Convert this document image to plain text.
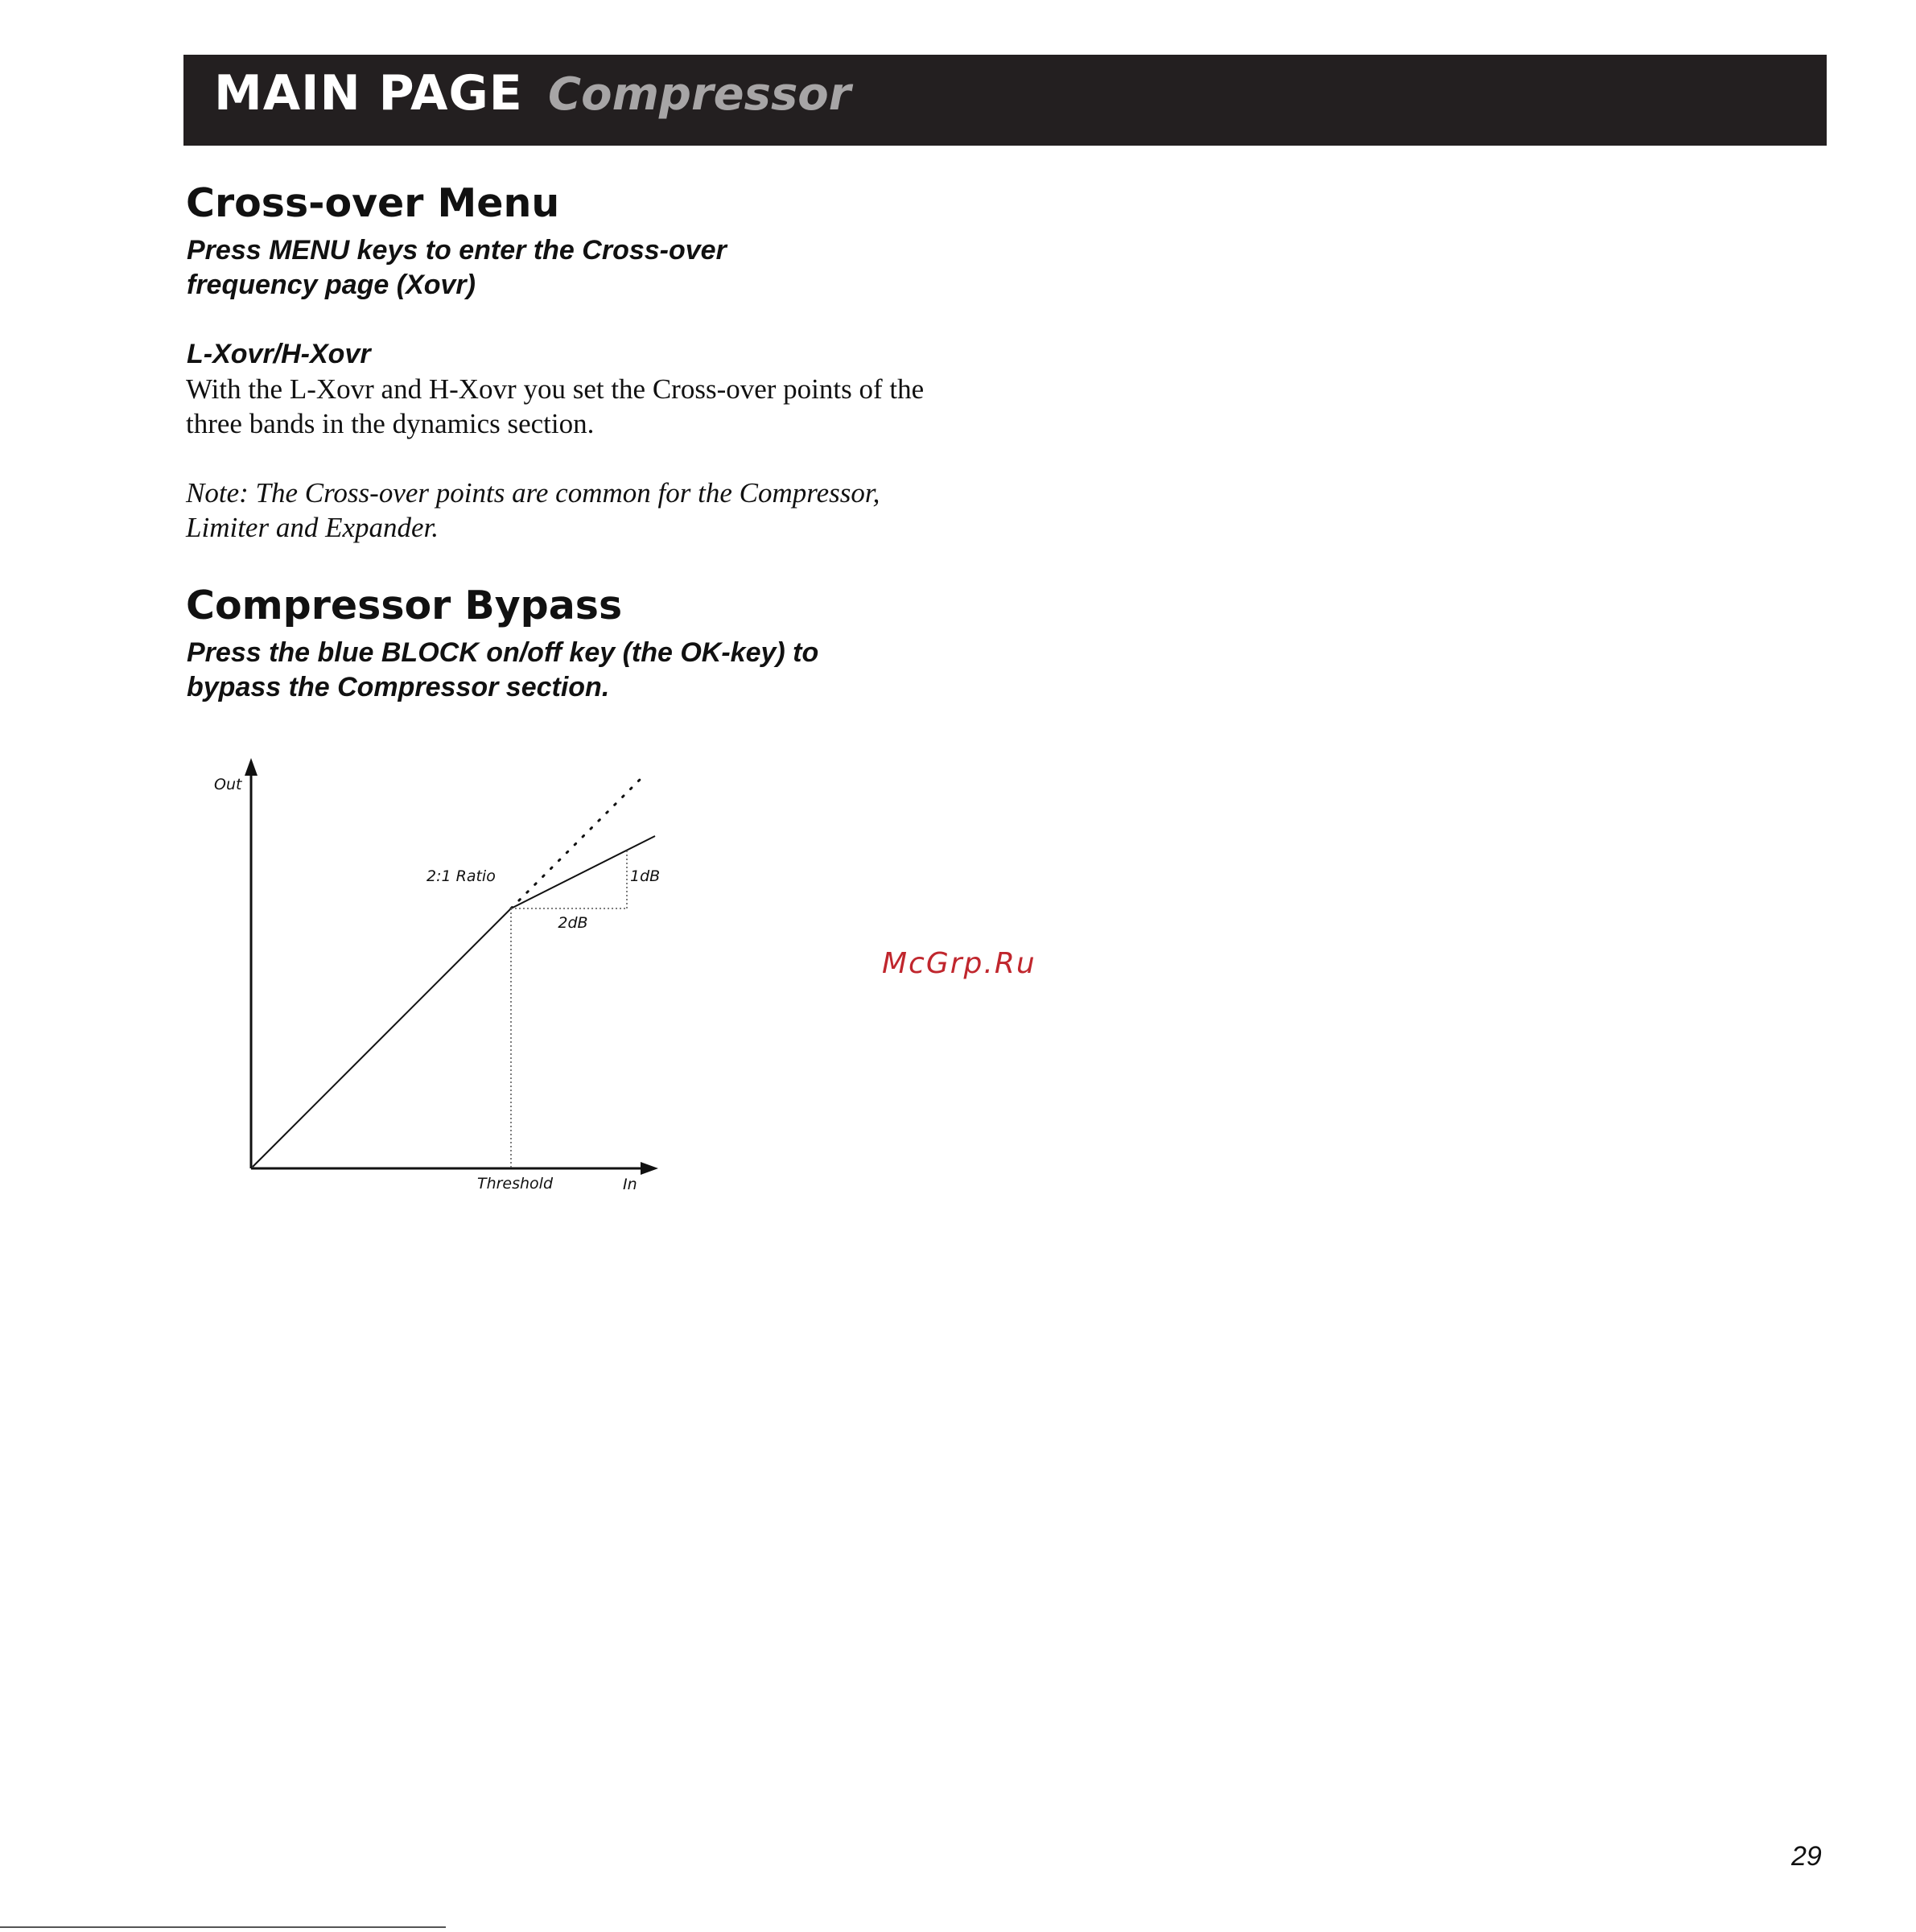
MAIN PAGE Compressor
Cross-over Menu
Press MENU keys to enter the Cross-over
frequency page (Xovr)
L-Xovr/H-Xovr
With the L-Xovr and H-Xovr you set the Cross-over points of the
three bands in the dynamics section.
Note: The Cross-over points are common for the Compressor,
Limiter and Expander.
Compressor Bypass
Press the blue BLOCK on/off key (the OK-key) to
bypass the Compressor section.
Out
2:1 Ratio	1dB
2dB
Threshold	In
McGrp.Ru
29
